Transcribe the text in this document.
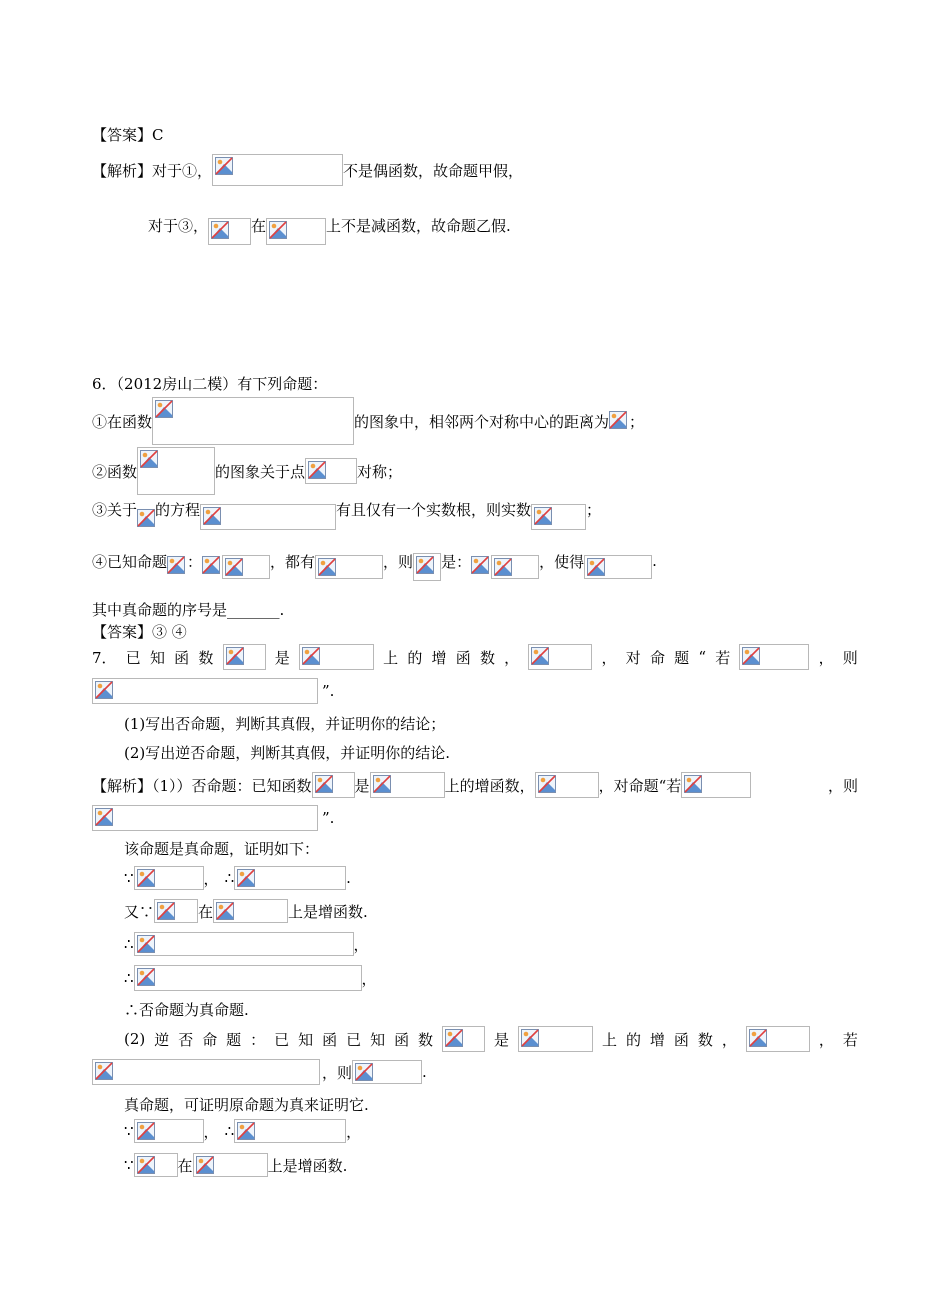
【答案】C
【解析】 对于①，	不是偶函数，故命题甲假，
对于③，	在	上不是减函数，故命题乙假.
6．（2012房山二模）有下列命题：
①在函数	的图象中，相邻两个对称中心的距离为 ；
②函数	的图象关于点	对称；
③关于 的方程	有且仅有一个实数根，则实数	；
④已知命题 ：	，都有	，则 是：	，使得	.
其中真命题的序号是_______.
【答案】③ ④
7． 已 知 函 数	是	上 的 增 函 数 ，	， 对 命 题 “ 若	， 则
”.
(1)写出否命题，判断其真假，并证明你的结论；
(2)写出逆否命题，判断其真假，并证明你的结论.
【解析】（1））否命题：已知函数	是	上的增函数，	，对命题“若	，则
”.
该命题是真命题，证明如下：
∵	， ∴	.
又∵	在	上是增函数.
∴	，
∴	，
∴否命题为真命题.
(2) 逆 否 命 题 ： 已 知 函 已 知 函 数	是	上 的 增 函 数 ，	， 若
，则	.
真命题，可证明原命题为真来证明它.
∵	， ∴	，
∵	在	上是增函数.
